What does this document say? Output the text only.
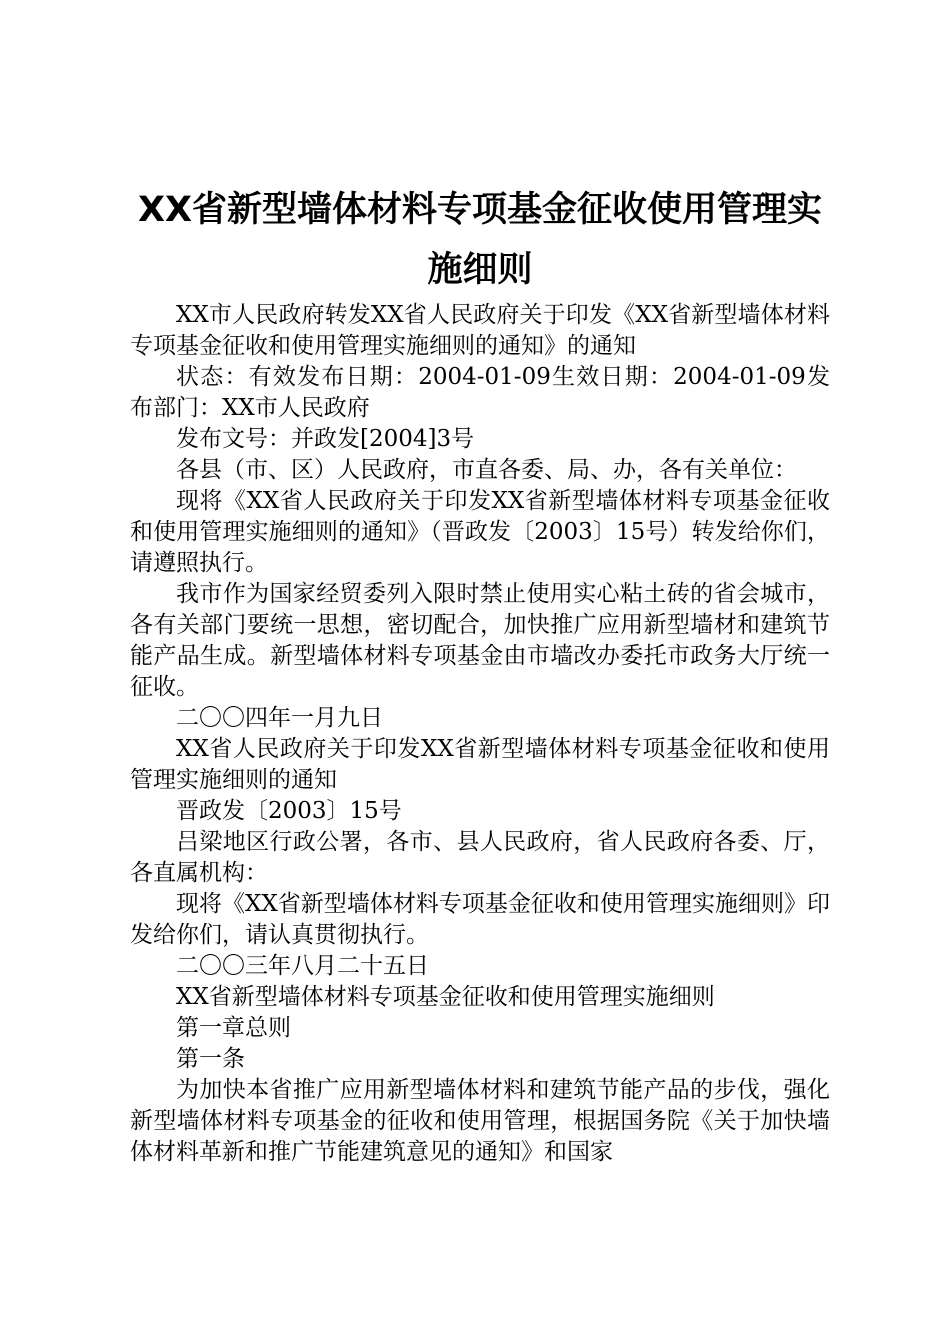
XX省新型墙体材料专项基金征收使用管理实
施细则

XX市人民政府转发XX省人民政府关于印发《XX省新型墙体材料专项基金征收和使用管理实施细则的通知》的通知

状态：有效发布日期：2004-01-09生效日期：2004-01-09发布部门：XX市人民政府

发布文号：并政发[2004]3号

各县（市、区）人民政府，市直各委、局、办，各有关单位：

现将《XX省人民政府关于印发XX省新型墙体材料专项基金征收和使用管理实施细则的通知》（晋政发〔2003〕15号）转发给你们，请遵照执行。

我市作为国家经贸委列入限时禁止使用实心粘土砖的省会城市，各有关部门要统一思想，密切配合，加快推广应用新型墙材和建筑节能产品生成。新型墙体材料专项基金由市墙改办委托市政务大厅统一征收。

二〇〇四年一月九日

XX省人民政府关于印发XX省新型墙体材料专项基金征收和使用管理实施细则的通知

晋政发〔2003〕15号

吕梁地区行政公署，各市、县人民政府，省人民政府各委、厅，各直属机构：

现将《XX省新型墙体材料专项基金征收和使用管理实施细则》印发给你们，请认真贯彻执行。

二〇〇三年八月二十五日

XX省新型墙体材料专项基金征收和使用管理实施细则

第一章总则

第一条

为加快本省推广应用新型墙体材料和建筑节能产品的步伐，强化新型墙体材料专项基金的征收和使用管理，根据国务院《关于加快墙体材料革新和推广节能建筑意见的通知》和国家
